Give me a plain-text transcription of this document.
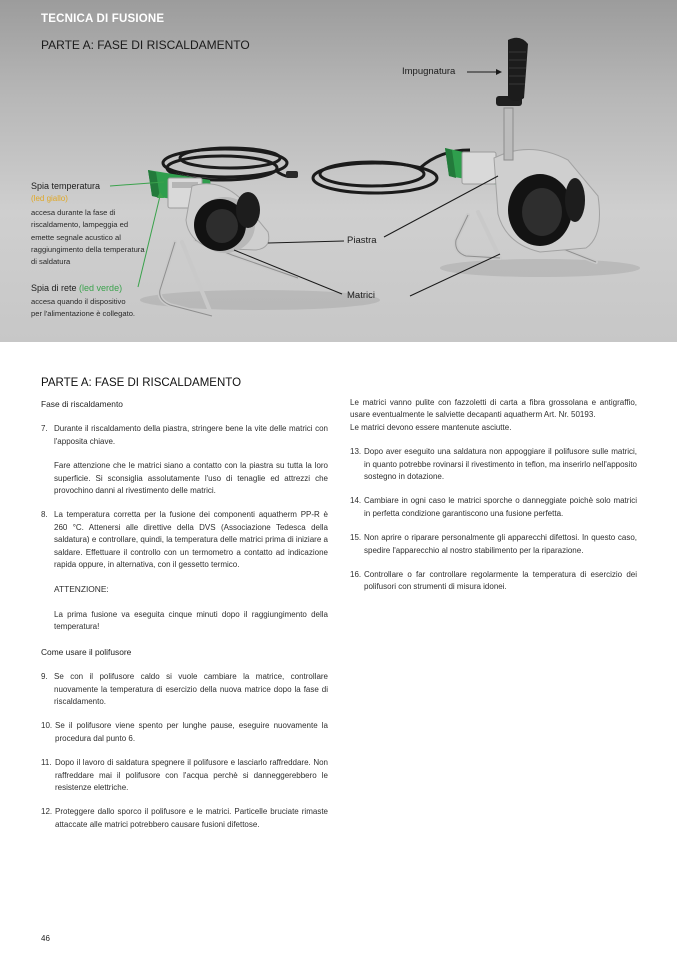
TECNICA DI FUSIONE
PARTE A: FASE DI RISCALDAMENTO
Impugnatura
Piastra
Matrici
Spia temperatura
(led giallo)
accesa durante la fase di
riscaldamento, lampeggia ed
emette segnale acustico al
raggiungimento della temperatura
di saldatura
Spia di rete (led verde)
accesa quando il dispositivo
per l'alimentazione è collegato.
PARTE A: FASE DI RISCALDAMENTO
Fase di riscaldamento
7. Durante il riscaldamento della piastra, stringere bene la vite delle matrici con l'apposita chiave.
Fare attenzione che le matrici siano a contatto con la piastra su tutta la loro superficie. Si sconsiglia assolutamente l'uso di tenaglie ed attrezzi che provochino danni al rivestimento delle matrici.
8. La temperatura corretta per la fusione dei componenti aquatherm PP-R è 260 °C. Attenersi alle direttive della DVS (Associazione Tedesca della saldatura) e controllare, quindi, la temperatura delle matrici prima di iniziare a saldare. Effettuare il controllo con un termometro a contatto ad indicazione rapida oppure, in alternativa, con il gessetto termico.
ATTENZIONE:
La prima fusione va eseguita cinque minuti dopo il raggiungimento della temperatura!
Come usare il polifusore
9. Se con il polifusore caldo si vuole cambiare la matrice, controllare nuovamente la temperatura di esercizio della nuova matrice dopo la fase di riscaldamento.
10. Se il polifusore viene spento per lunghe pause, eseguire nuovamente la procedura dal punto 6.
11. Dopo il lavoro di saldatura spegnere il polifusore e lasciarlo raffreddare. Non raffreddare mai il polifusore con l'acqua perchè si danneggerebbero le resistenze elettriche.
12. Proteggere dallo sporco il polifusore e le matrici. Particelle bruciate rimaste attaccate alle matrici potrebbero causare fusioni difettose.
Le matrici vanno pulite con fazzoletti di carta a fibra grossolana e antigraffio, usare eventualmente le salviette decapanti aquatherm Art. Nr. 50193.
Le matrici devono essere mantenute asciutte.
13. Dopo aver eseguito una saldatura non appoggiare il polifusore sulle matrici, in quanto potrebbe rovinarsi il rivestimento in teflon, ma inserirlo nell'apposito sostegno in dotazione.
14. Cambiare in ogni caso le matrici sporche o danneggiate poichè solo matrici in perfetta condizione garantiscono una fusione perfetta.
15. Non aprire o riparare personalmente gli apparecchi difettosi. In questo caso, spedire l'apparecchio al nostro stabilimento per la riparazione.
16. Controllare o far controllare regolarmente la temperatura di esercizio dei polifusori con strumenti di misura idonei.
46
